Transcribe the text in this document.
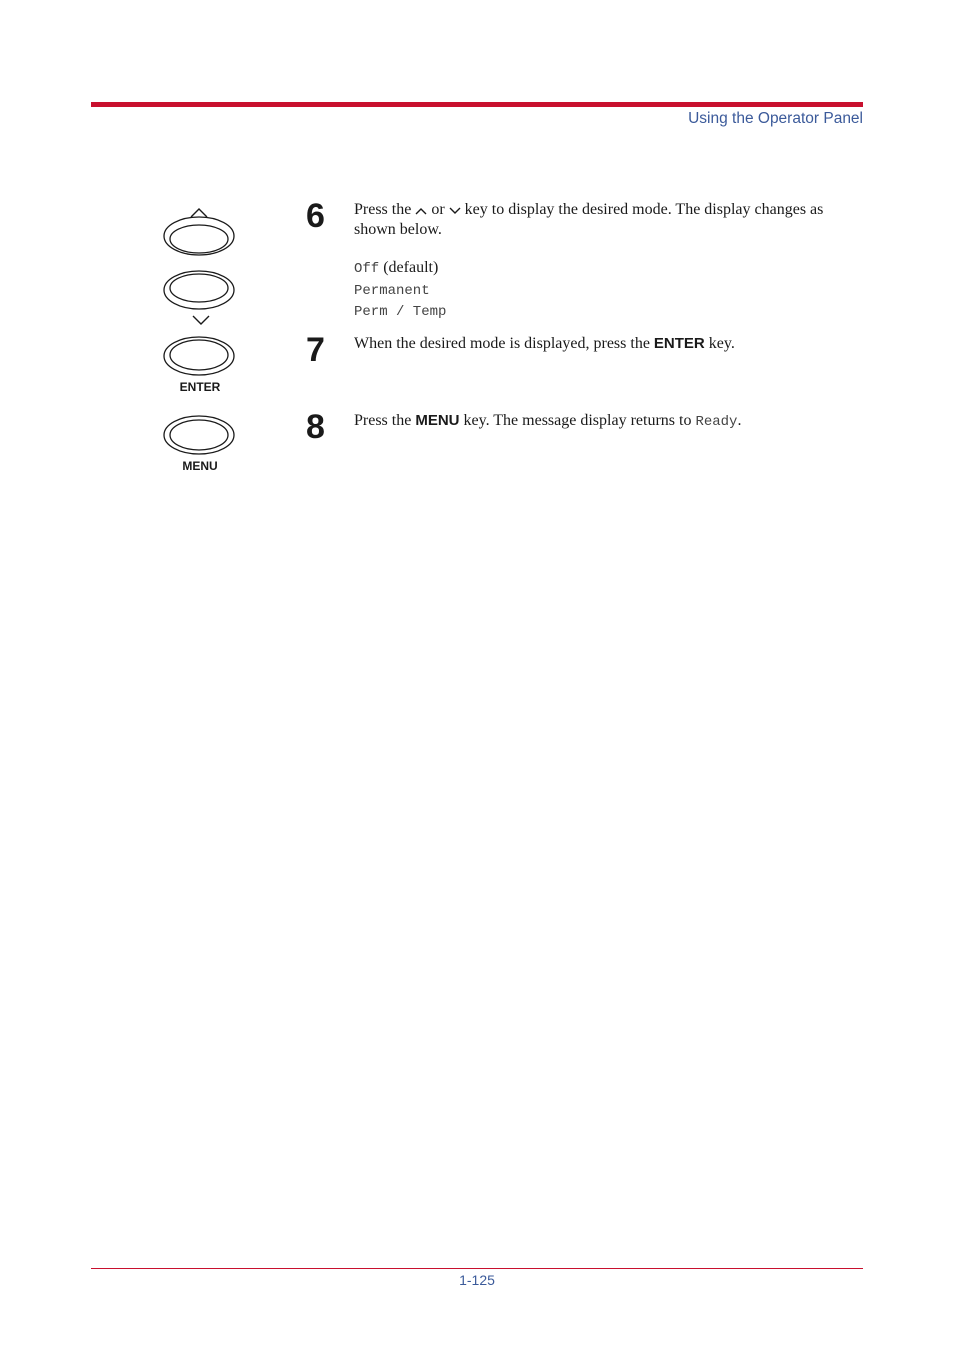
Using the Operator Panel
ENTER
MENU
6 Press the or key to display the desired mode. The display changes as shown below.
Off (default)
Permanent
Perm / Temp
7 When the desired mode is displayed, press the ENTER key.
8 Press the MENU key. The message display returns to Ready.
1-125
